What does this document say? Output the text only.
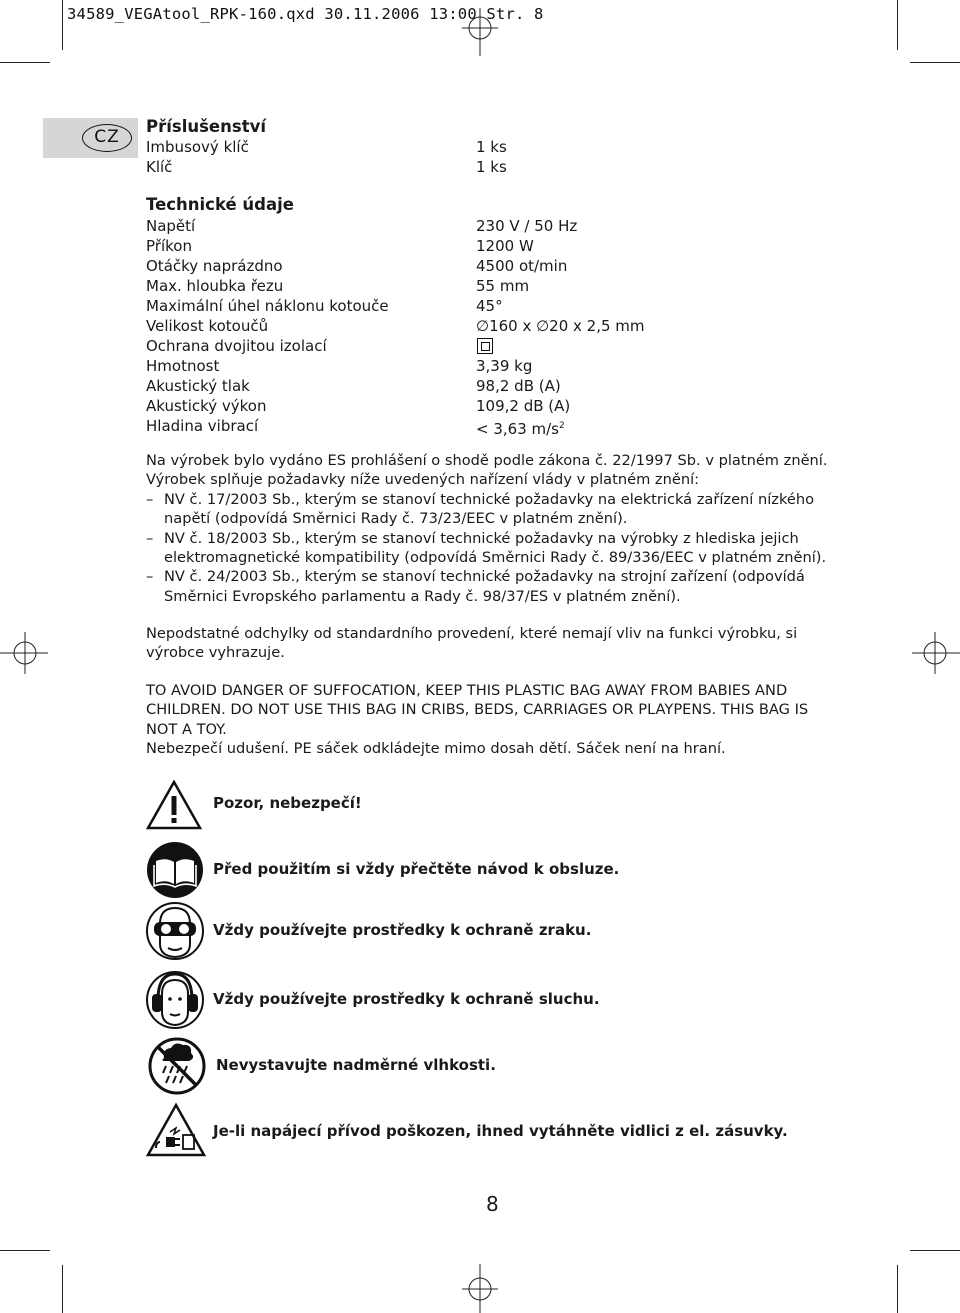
34589_VEGAtool_RPK-160.qxd 30.11.2006 13:00 Str. 8
CZ
Příslušenství
Imbusový klíč	1 ks
Klíč	1 ks
Technické údaje
Napětí	230 V / 50 Hz
Příkon	1200 W
Otáčky naprázdno	4500 ot/min
Max. hloubka řezu	55 mm
Maximální úhel náklonu kotouče	45°
Velikost kotoučů	∅160 x ∅20 x 2,5 mm
Ochrana dvojitou izolací
Hmotnost	3,39 kg
Akustický tlak	98,2 dB (A)
Akustický výkon	109,2 dB (A)
Hladina vibrací	< 3,63 $m/s^2$

Na výrobek bylo vydáno ES prohlášení o shodě podle zákona č. 22/1997 Sb. v platném znění.

Výrobek splňuje požadavky níže uvedených nařízení vlády v platném znění:

– NV č. 17/2003 Sb., kterým se stanoví technické požadavky na elektrická zařízení nízkého

napětí (odpovídá Směrnici Rady č. 73/23/EEC v platném znění).

– NV č. 18/2003 Sb., kterým se stanoví technické požadavky na výrobky z hlediska jejich

elektromagnetické kompatibility (odpovídá Směrnici Rady č. 89/336/EEC v platném znění).

– NV č. 24/2003 Sb., kterým se stanoví technické požadavky na strojní zařízení (odpovídá

Směrnici Evropského parlamentu a Rady č. 98/37/ES v platném znění).

Nepodstatné odchylky od standardního provedení, které nemají vliv na funkci výrobku, si

výrobce vyhrazuje.

TO AVOID DANGER OF SUFFOCATION, KEEP THIS PLASTIC BAG AWAY FROM BABIES AND

CHILDREN. DO NOT USE THIS BAG IN CRIBS, BEDS, CARRIAGES OR PLAYPENS. THIS BAG IS

NOT A TOY.

Nebezpečí udušení. PE sáček odkládejte mimo dosah dětí. Sáček není na hraní.

Pozor, nebezpečí!
Před použitím si vždy přečtěte návod k obsluze.
Vždy používejte prostředky k ochraně zraku.
Vždy používejte prostředky k ochraně sluchu.
Nevystavujte nadměrné vlhkosti.
Je-li napájecí přívod poškozen, ihned vytáhněte vidlici z el. zásuvky.
8
